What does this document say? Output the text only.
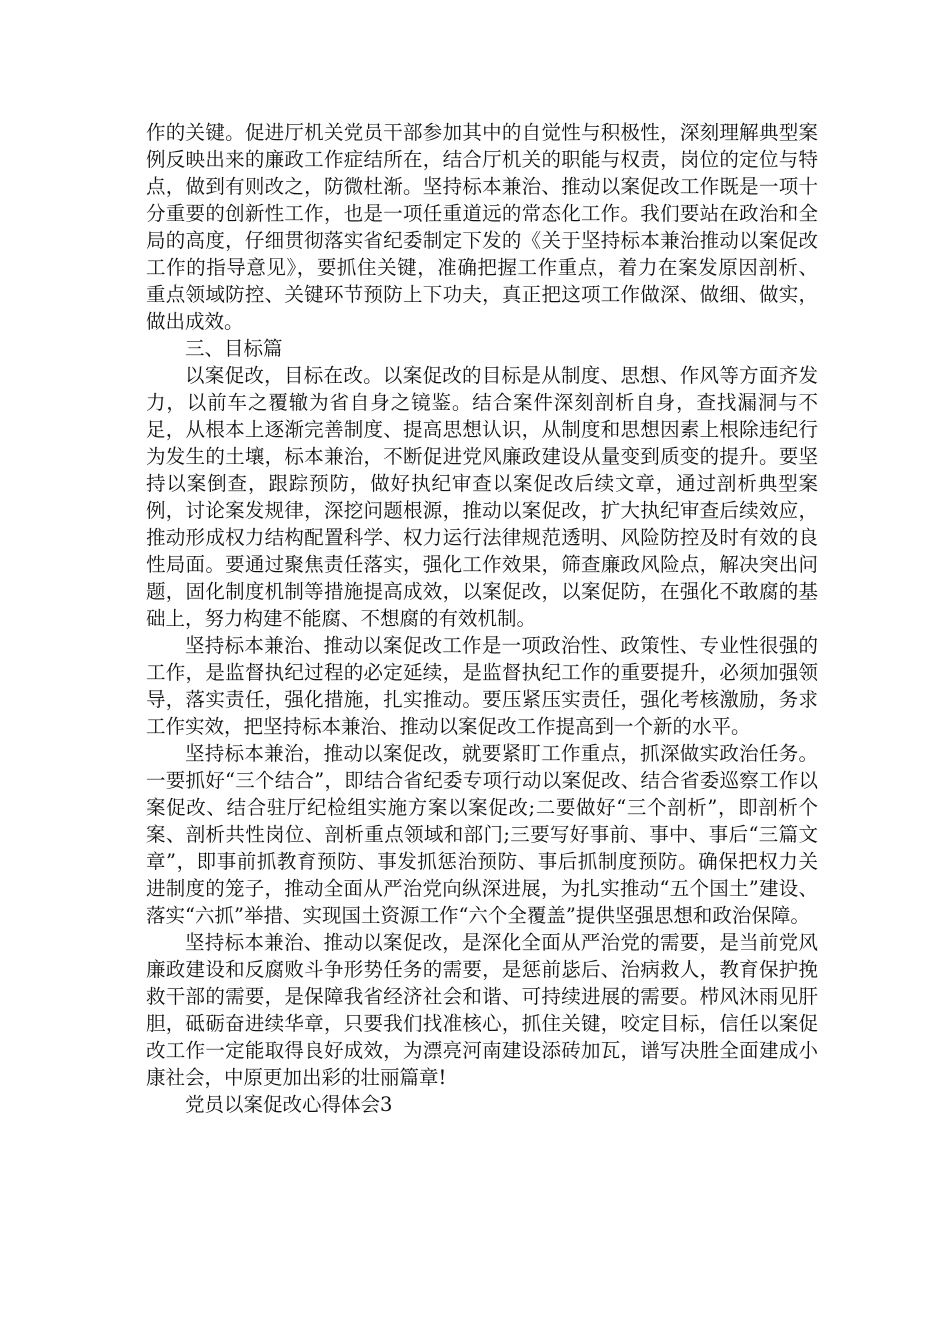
作的关键。促进厅机关党员干部参加其中的自觉性与积极性，深刻理解典型案例反映出来的廉政工作症结所在，结合厅机关的职能与权责，岗位的定位与特点，做到有则改之，防微杜渐。坚持标本兼治、推动以案促改工作既是一项十分重要的创新性工作，也是一项任重道远的常态化工作。我们要站在政治和全局的高度，仔细贯彻落实省纪委制定下发的《关于坚持标本兼治推动以案促改工作的指导意见》，要抓住关键，准确把握工作重点，着力在案发原因剖析、重点领域防控、关键环节预防上下功夫，真正把这项工作做深、做细、做实，做出成效。

三、目标篇

以案促改，目标在改。以案促改的目标是从制度、思想、作风等方面齐发力，以前车之覆辙为省自身之镜鉴。结合案件深刻剖析自身，查找漏洞与不足，从根本上逐渐完善制度、提高思想认识，从制度和思想因素上根除违纪行为发生的土壤，标本兼治，不断促进党风廉政建设从量变到质变的提升。要坚持以案倒查，跟踪预防，做好执纪审查以案促改后续文章，通过剖析典型案例，讨论案发规律，深挖问题根源，推动以案促改，扩大执纪审查后续效应，推动形成权力结构配置科学、权力运行法律规范透明、风险防控及时有效的良性局面。要通过聚焦责任落实，强化工作效果，筛查廉政风险点，解决突出问题，固化制度机制等措施提高成效，以案促改，以案促防，在强化不敢腐的基础上，努力构建不能腐、不想腐的有效机制。

坚持标本兼治、推动以案促改工作是一项政治性、政策性、专业性很强的工作，是监督执纪过程的必定延续，是监督执纪工作的重要提升，必须加强领导，落实责任，强化措施，扎实推动。要压紧压实责任，强化考核激励，务求工作实效，把坚持标本兼治、推动以案促改工作提高到一个新的水平。

坚持标本兼治，推动以案促改，就要紧盯工作重点，抓深做实政治任务。一要抓好“三个结合”，即结合省纪委专项行动以案促改、结合省委巡察工作以案促改、结合驻厅纪检组实施方案以案促改;二要做好“三个剖析”，即剖析个案、剖析共性岗位、剖析重点领域和部门;三要写好事前、事中、事后“三篇文章”，即事前抓教育预防、事发抓惩治预防、事后抓制度预防。确保把权力关进制度的笼子，推动全面从严治党向纵深进展，为扎实推动“五个国土”建设、落实“六抓”举措、实现国土资源工作“六个全覆盖”提供坚强思想和政治保障。

坚持标本兼治、推动以案促改，是深化全面从严治党的需要，是当前党风廉政建设和反腐败斗争形势任务的需要，是惩前毖后、治病救人，教育保护挽救干部的需要，是保障我省经济社会和谐、可持续进展的需要。栉风沐雨见肝胆，砥砺奋进续华章，只要我们找准核心，抓住关键，咬定目标，信任以案促改工作一定能取得良好成效，为漂亮河南建设添砖加瓦，谱写决胜全面建成小康社会，中原更加出彩的壮丽篇章!

党员以案促改心得体会3
